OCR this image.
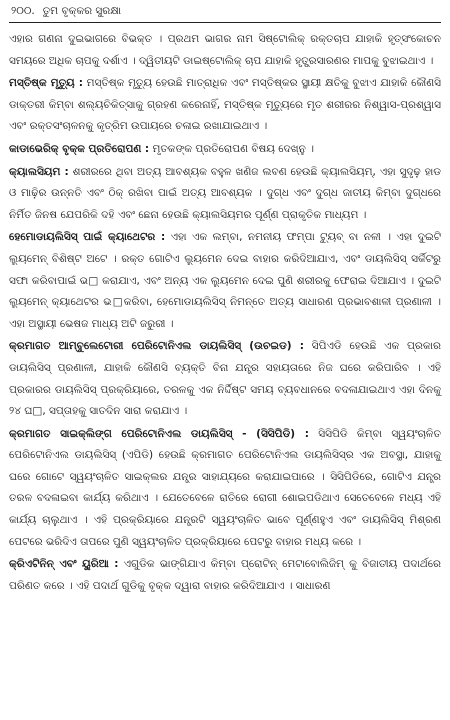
୨୦୦. ତୁମ ବୃକ୍କର ସୁରକ୍ଷା

ଏହାର ଗଣନା ଦୁଇଭାଗରେ ବିଭକ୍ତ । ପ୍ରଥମ ଭାଗର ନାମ ସିଷ୍ଟୋଲିକ୍ ରକ୍ତଚାପ ଯାହାକି ହୃତ୍ସଂକୋଚନ ସମୟରେ ଅଧିକ ଚାପକୁ ଦର୍ଶାଏ । ଦ୍ୱିତୀୟଟି ଡାଇଷ୍ଟୋଲିକ୍ ଚାପ ଯାହାକି ହୃତ୍ପ୍ରସାରଣର ମାପକୁ ବୁଝାଇଥାଏ ।

ମସ୍ତିଷ୍କ ମୃତ୍ୟୁ : ମସ୍ତିଷ୍କ ମୃତ୍ୟୁ ହେଉଛି ମାତ୍ରାଧିକ ଏବଂ ମସ୍ତିଷ୍କର ସ୍ଥାୟୀ କ୍ଷତିକୁ ବୁଝାଏ ଯାହାକି କୌଣସି ଡାକ୍ତରୀ କିମ୍ବା ଶଲ୍ୟଚିକିତ୍ସାକୁ ଗ୍ରହଣ କରେନାହିଁ, ମସ୍ତିଷ୍କ ମୃତ୍ୟୁରେ ମୃତ ଶରୀରର ନିଶ୍ୱାସ-ପ୍ରଶ୍ୱାସ ଏବଂ ରକ୍ତସଂଚାଳନକୁ କୃତ୍ରିମ ଉପାୟରେ ଚଳାଇ ରଖାଯାଇଥାଏ ।

କାଡାଭେରିକ୍ ବୃକ୍କ ପ୍ରତିରୋପଣ : ମୃତକଙ୍କ ପ୍ରତିରୋପଣ ବିଷୟ ଦେଖ୍ନୁ ।

କ୍ୟାଲସିୟମ : ଶରୀରରେ ଥିବା ଅତ୍ୟ ଆବଶ୍ୟକ ବହୁଳ ଖଣିଜ ଲବଣ ହେଉଛି କ୍ୟାଲସିୟମ୍, ଏହା ସୁଦୃଢ଼ ହାଡ ଓ ମାଢ଼ିର ଉନ୍ନତି ଏବଂ ଠିକ୍ ରଖିବା ପାଇଁ ଅତ୍ୟ ଆବଶ୍ୟକ । ଦୁଗ୍ଧ ଏବଂ ଦୁଗ୍ଧ ଜାତୀୟ କିମ୍ବା ଦୁଗ୍ଧରେ ନିର୍ମିତ ଜିନଷ ଯେପରିକି ଦହି ଏବଂ ଛେନା ହେଉଛି କ୍ୟାଲସିୟମର ପୂର୍ଣ୍ଣ ପ୍ରାକୃତିକ ମାଧ୍ୟମ ।

ହେମୋଡାୟଲିସିସ୍ ପାଇଁ କ୍ୟାଥେଟର : ଏହା ଏକ ଲମ୍ବା, ନମନୀୟ ଫମ୍ପା ଟ୍ୟୁବ୍ ବା ନଳୀ । ଏହା ଦୁଇଟି ଲ୍ୟୁମେନ୍ ବିଶିଷ୍ଟ ଅଟେ । ରକ୍ତ ଗୋଟିଏ ଲ୍ୟୁମେନ ଦେଇ ବାହାର କରିଦିଆଯାଏ, ଏବଂ ଡାୟଲିସିସ୍ ସର୍କିଟରୁ ସଫା କରିବାପାଇଁ ଭ□ କରାଯାଏ, ଏବଂ ଅନ୍ୟ ଏକ ଲ୍ୟୁମେନ ଦେଇ ପୁଣି ଶରୀରକୁ ଫେରାଇ ଦିଆଯାଏ । ଦୁଇଟି ଲ୍ୟୁମେନ୍ କ୍ୟାଥେଟର ଭ□କରିବା, ହେମୋଡାୟଲିସିସ୍ ନିମନ୍ତେ ଅତ୍ୟ ସାଧାରଣ ପ୍ରଭାବଶାଳୀ ପ୍ରଣାଳୀ । ଏହା ଅସ୍ଥାୟୀ ଭେଷଜ ମାଧ୍ୟ ଅଟି ଜରୁରୀ ।

କ୍ରମାଗତ ଆମ୍ବୁଲେଟୋରୀ ପେରିଟୋନିଏଲ ଡାୟଲିସିସ୍ (ଉଚଇଡ) : ସିପିଏଡି ହେଉଛି ଏକ ପ୍ରକାର ଡାୟଲିସିସ୍ ପ୍ରଣାଳୀ, ଯାହାକି କୌଣସି ବ୍ୟକ୍ତି ବିନା ଯନ୍ତ୍ର ସହାୟତାରେ ନିଜ ଘରେ କରିପାରିବ । ଏହି ପ୍ରକାରର ଡାୟଲିସିସ୍ ପ୍ରକ୍ରିୟାରେ, ତରଳକୁ ଏକ ନିର୍ଦ୍ଦିଷ୍ଟ ସମୟ ବ୍ୟବଧାନରେ ବଦଳାଯାଇଥାଏ ଏହା ଦିନକୁ ୨୪ ଘ□, ସପ୍ତାହକୁ ସାତଦିନ ସାରା କରାଯାଏ ।

କ୍ରମାଗତ ସାଇକ୍ଲିଙ୍ଗ ପେରିଟୋନିଏଲ ଡାୟଲିସିସ୍ - (ସିସିପିଡି) : ସିସିପିଡି କିମ୍ବା ସ୍ୱୟଂଚାଳିତ ପେରିଟୋନିଏଲ ଡାୟଲିସିସ୍ (ଏପିଡି) ହେଉଛି କ୍ରମାଗତ ପେରିଟୋନିଏଲ ଡାୟଲିସିସ୍ର ଏକ ଅବସ୍ଥା, ଯାହାକୁ ଘରେ ଗୋଟେ ସ୍ୱୟଂଚାଳିତ ସାଇକ୍ଲର ଯନ୍ତ୍ର ସାହାଯ୍ୟରେ କରାଯାଇପାରେ । ସିସିପିଡିରେ, ଗୋଟିଏ ଯନ୍ତ୍ର ତରଳ ବଦଳାଇବା କାର୍ଯ୍ୟ କରିଥାଏ । ଯେତେବେଳେ ରାତିରେ ରୋଗୀ ଶୋଇପଡିଥାଏ ସେତେବେଳେ ମଧ୍ୟ ଏହି କାର୍ଯ୍ୟ ଚାଲୁଥାଏ । ଏହି ପ୍ରକ୍ରିୟାରେ ଯନ୍ତ୍ରଟି ସ୍ୱୟଂଚାଳିତ ଭାବେ ପୂର୍ଣ୍ଣହୁଏ ଏବଂ ଡାୟଲିସିସ୍ ମିଶ୍ରଣ ପେଟରେ ଭରିଦିଏ ତାପରେ ପୁଣି ସ୍ୱୟଂଚାଳିତ ପ୍ରକ୍ରିୟାରେ ପେଟରୁ ବାହାର ମଧ୍ୟ କରେ ।

କ୍ରିଏଟିନିନ୍ ଏବଂ ୟୁରିଆ : ଏଗୁଡିକ ଭାଙ୍ଗିଯାଏ କିମ୍ବା ପ୍ରୋଟିନ୍ ମେଟାବୋଲିଜିମ୍ କୁ ବିଜାତୀୟ ପଦାର୍ଥରେ ପରିଣତ କରେ । ଏହି ପଦାର୍ଥ ଗୁଡିକୁ ବୃକ୍କ ଦ୍ୱାରା ବାହାର କରିଦିଆଯାଏ । ସାଧାରଣ
